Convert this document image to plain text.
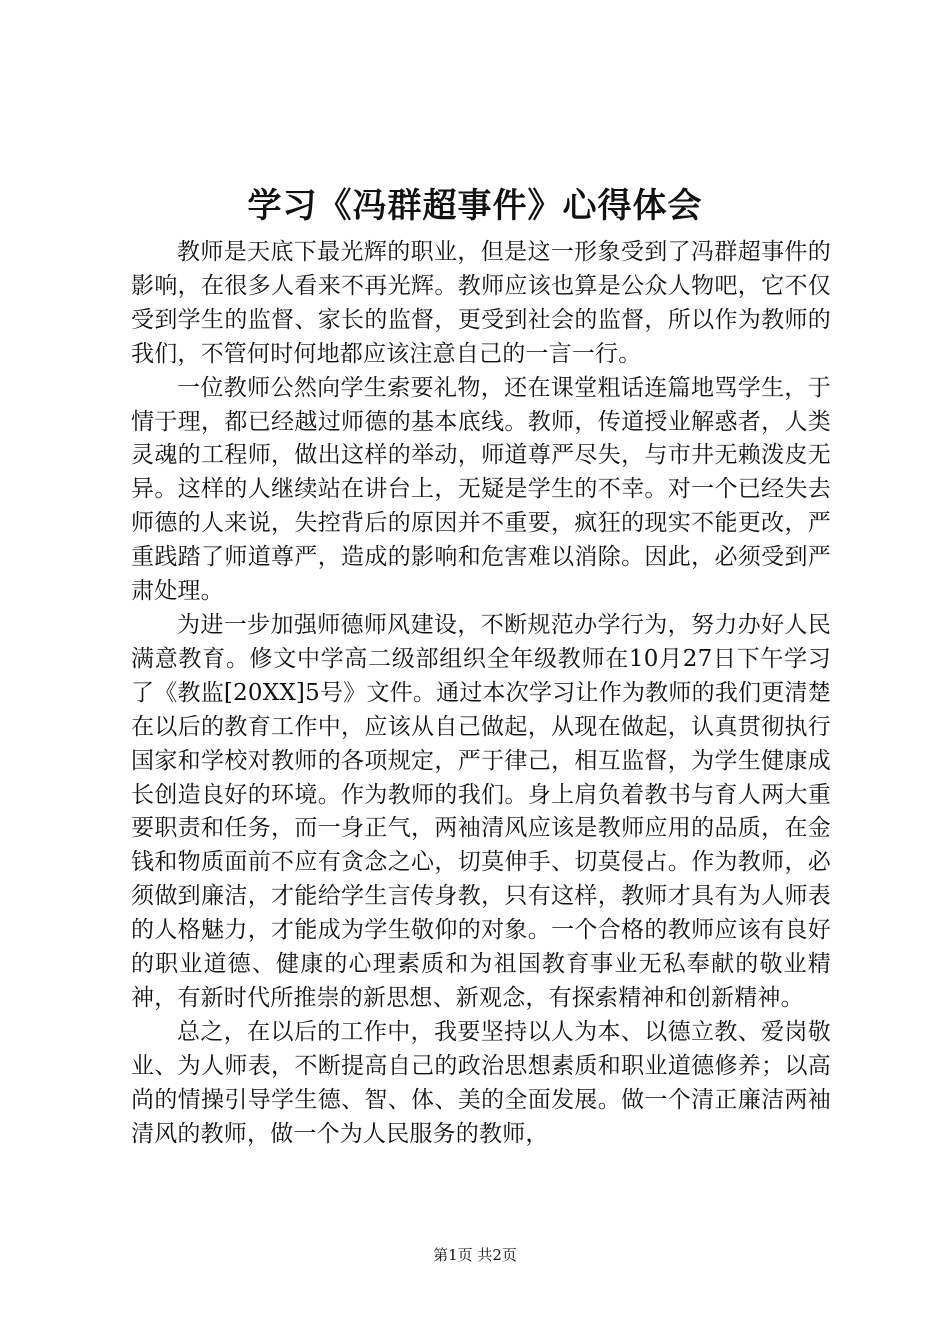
学习《冯群超事件》心得体会

教师是天底下最光辉的职业，但是这一形象受到了冯群超事件的影响，在很多人看来不再光辉。教师应该也算是公众人物吧，它不仅受到学生的监督、家长的监督，更受到社会的监督，所以作为教师的我们，不管何时何地都应该注意自己的一言一行。

一位教师公然向学生索要礼物，还在课堂粗话连篇地骂学生，于情于理，都已经越过师德的基本底线。教师，传道授业解惑者，人类灵魂的工程师，做出这样的举动，师道尊严尽失，与市井无赖泼皮无异。这样的人继续站在讲台上，无疑是学生的不幸。对一个已经失去师德的人来说，失控背后的原因并不重要，疯狂的现实不能更改，严重践踏了师道尊严，造成的影响和危害难以消除。因此，必须受到严肃处理。

为进一步加强师德师风建设，不断规范办学行为，努力办好人民满意教育。修文中学高二级部组织全年级教师在10月27日下午学习了《教监[20XX]5号》文件。通过本次学习让作为教师的我们更清楚在以后的教育工作中，应该从自己做起，从现在做起，认真贯彻执行国家和学校对教师的各项规定，严于律己，相互监督，为学生健康成长创造良好的环境。作为教师的我们。身上肩负着教书与育人两大重要职责和任务，而一身正气，两袖清风应该是教师应用的品质，在金钱和物质面前不应有贪念之心，切莫伸手、切莫侵占。作为教师，必须做到廉洁，才能给学生言传身教，只有这样，教师才具有为人师表的人格魅力，才能成为学生敬仰的对象。一个合格的教师应该有良好的职业道德、健康的心理素质和为祖国教育事业无私奉献的敬业精神，有新时代所推崇的新思想、新观念，有探索精神和创新精神。

总之，在以后的工作中，我要坚持以人为本、以德立教、爱岗敬业、为人师表，不断提高自己的政治思想素质和职业道德修养；以高尚的情操引导学生德、智、体、美的全面发展。做一个清正廉洁两袖清风的教师，做一个为人民服务的教师，

第1页 共2页
